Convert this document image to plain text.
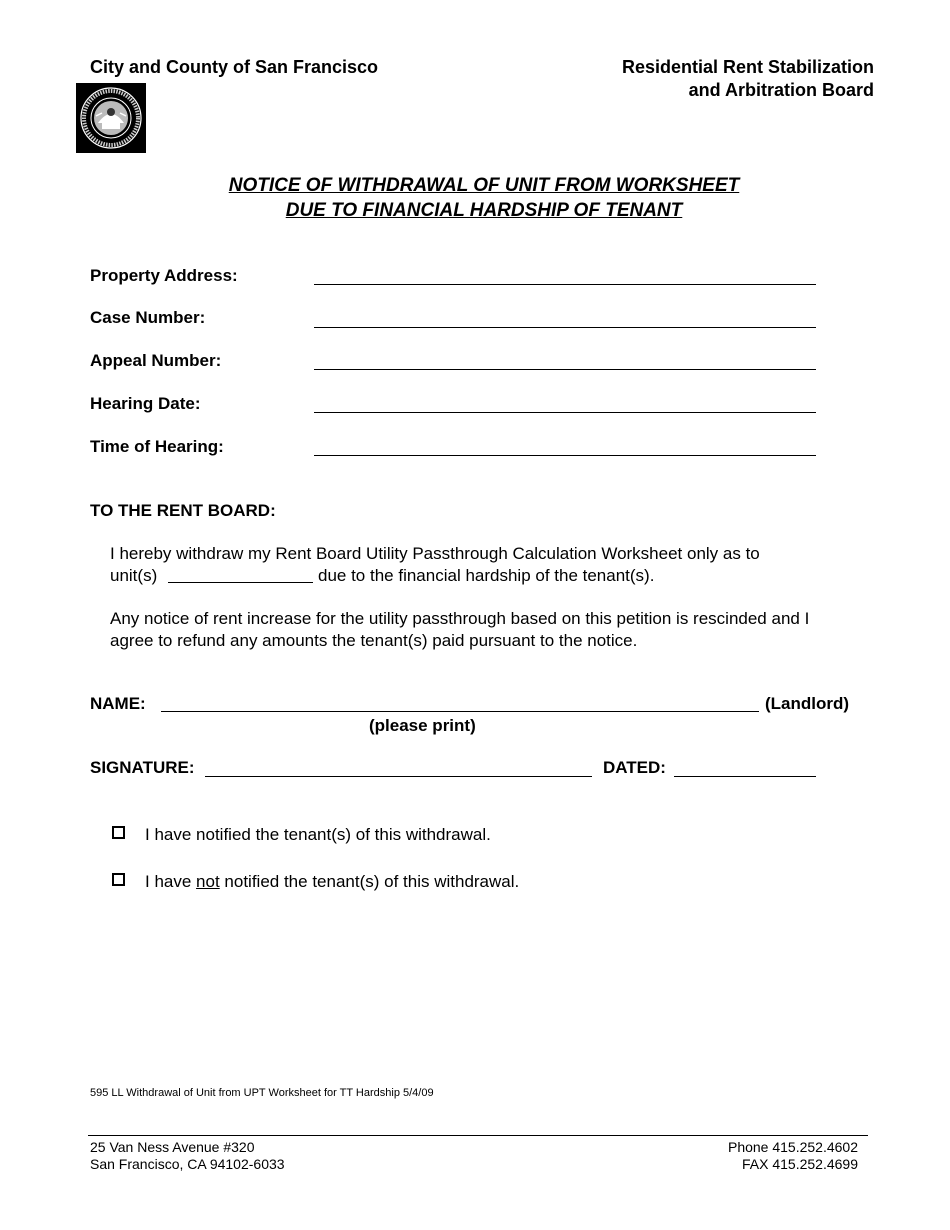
City and County of San Francisco	Residential Rent Stabilization
and Arbitration Board
NOTICE OF WITHDRAWAL OF UNIT FROM WORKSHEET
DUE TO FINANCIAL HARDSHIP OF TENANT
Property Address:
Case Number:
Appeal Number:
Hearing Date:
Time of Hearing:
TO THE RENT BOARD:
I hereby withdraw my Rent Board Utility Passthrough Calculation Worksheet only as to
unit(s)	due to the financial hardship of the tenant(s).
Any notice of rent increase for the utility passthrough based on this petition is rescinded and I
agree to refund any amounts the tenant(s) paid pursuant to the notice.
NAME:	(Landlord)
(please print)
SIGNATURE:	DATED:
I have notified the tenant(s) of this withdrawal.
I have not notified the tenant(s) of this withdrawal.
595 LL Withdrawal of Unit from UPT Worksheet for TT Hardship 5/4/09
25 Van Ness Avenue #320
San Francisco, CA 94102-6033
Phone 415.252.4602
FAX 415.252.4699
